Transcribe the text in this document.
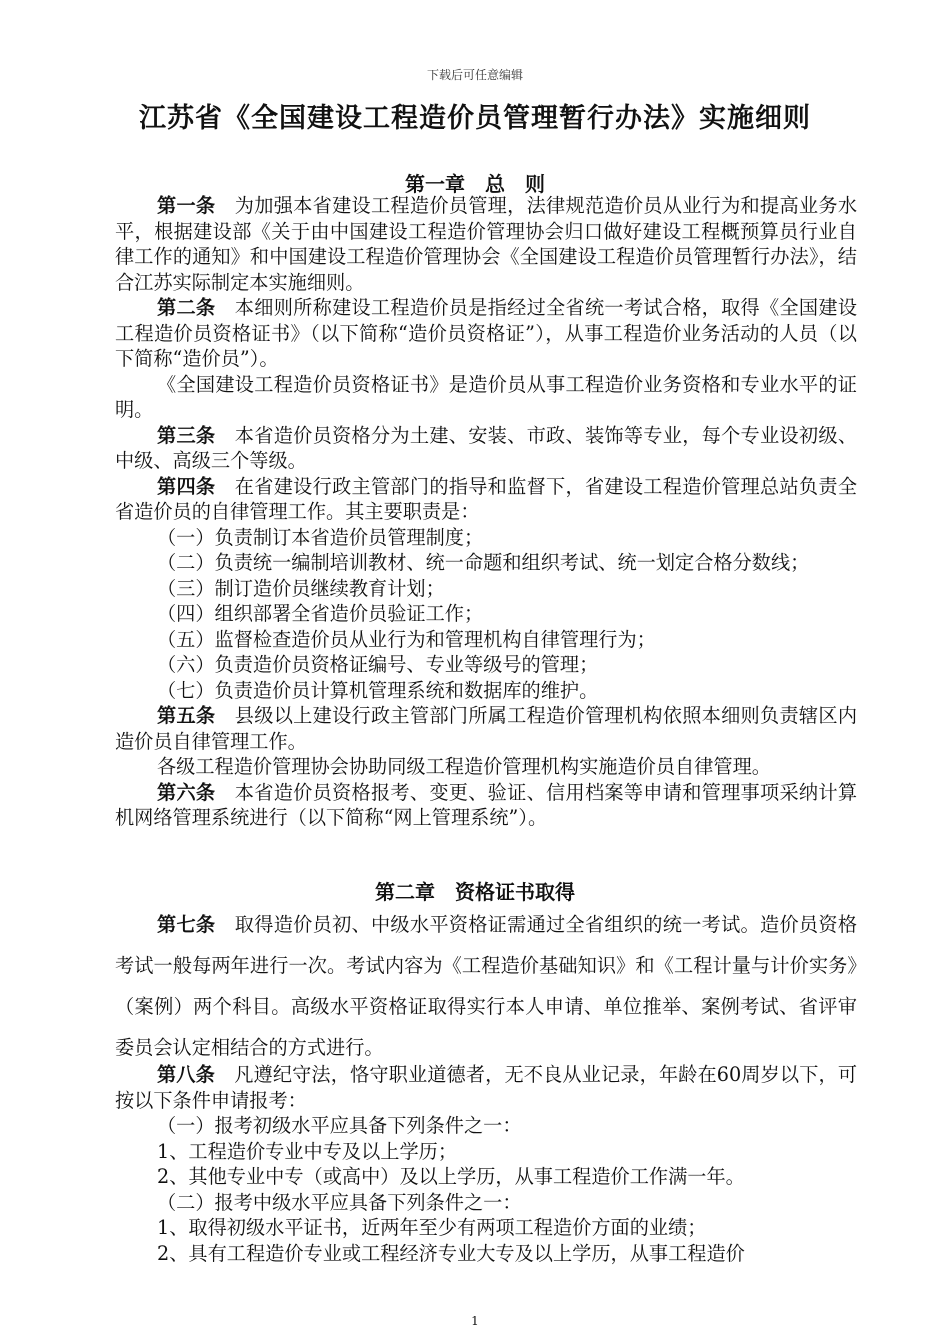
下载后可任意编辑
江苏省《全国建设工程造价员管理暂行办法》实施细则
第一章　总　则

第一条　为加强本省建设工程造价员管理，法律规范造价员从业行为和提高业务水平，根据建设部《关于由中国建设工程造价管理协会归口做好建设工程概预算员行业自律工作的通知》和中国建设工程造价管理协会《全国建设工程造价员管理暂行办法》，结合江苏实际制定本实施细则。

第二条　本细则所称建设工程造价员是指经过全省统一考试合格，取得《全国建设工程造价员资格证书》（以下简称“造价员资格证”），从事工程造价业务活动的人员（以下简称“造价员”）。

《全国建设工程造价员资格证书》是造价员从事工程造价业务资格和专业水平的证明。

第三条　本省造价员资格分为土建、安装、市政、装饰等专业，每个专业设初级、中级、高级三个等级。

第四条　在省建设行政主管部门的指导和监督下，省建设工程造价管理总站负责全省造价员的自律管理工作。其主要职责是：

（一）负责制订本省造价员管理制度；

（二）负责统一编制培训教材、统一命题和组织考试、统一划定合格分数线；

（三）制订造价员继续教育计划；

（四）组织部署全省造价员验证工作；

（五）监督检查造价员从业行为和管理机构自律管理行为；

（六）负责造价员资格证编号、专业等级号的管理；

（七）负责造价员计算机管理系统和数据库的维护。

第五条　县级以上建设行政主管部门所属工程造价管理机构依照本细则负责辖区内造价员自律管理工作。

各级工程造价管理协会协助同级工程造价管理机构实施造价员自律管理。

第六条　本省造价员资格报考、变更、验证、信用档案等申请和管理事项采纳计算机网络管理系统进行（以下简称“网上管理系统”）。

第二章　资格证书取得

第七条　取得造价员初、中级水平资格证需通过全省组织的统一考试。造价员资格考试一般每两年进行一次。考试内容为《工程造价基础知识》和《工程计量与计价实务》（案例）两个科目。高级水平资格证取得实行本人申请、单位推举、案例考试、省评审委员会认定相结合的方式进行。

第八条　凡遵纪守法，恪守职业道德者，无不良从业记录，年龄在60周岁以下，可按以下条件申请报考：

（一）报考初级水平应具备下列条件之一：

1、工程造价专业中专及以上学历；

2、其他专业中专（或高中）及以上学历，从事工程造价工作满一年。

（二）报考中级水平应具备下列条件之一：

1、取得初级水平证书，近两年至少有两项工程造价方面的业绩；

2、具有工程造价专业或工程经济专业大专及以上学历，从事工程造价

1
